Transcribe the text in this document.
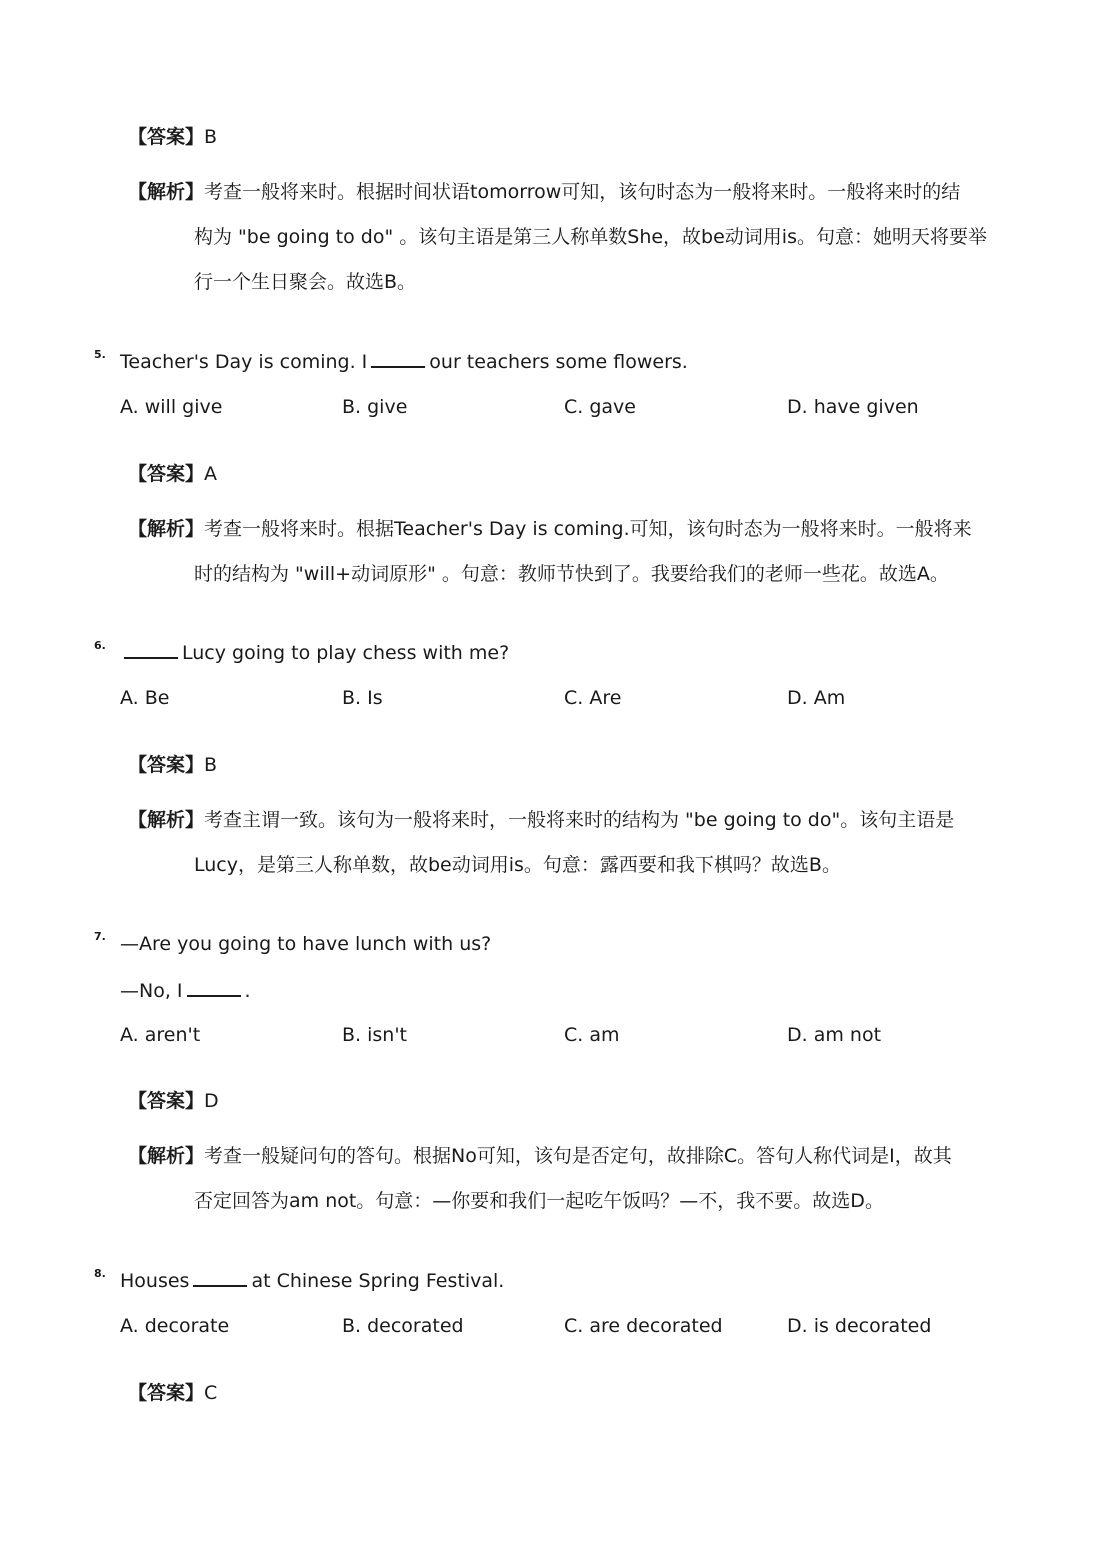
【答案】B
【解析】考查一般将来时。根据时间状语tomorrow可知，该句时态为一般将来时。一般将来时的结
构为 "be going to do" 。该句主语是第三人称单数She，故be动词用is。句意：她明天将要举
行一个生日聚会。故选B。
5. Teacher's Day is coming. I	our teachers some flowers.
A. will give	B. give	C. gave	D. have given
【答案】A
【解析】考查一般将来时。根据Teacher's Day is coming.可知，该句时态为一般将来时。一般将来
时的结构为 "will+动词原形" 。句意：教师节快到了。我要给我们的老师一些花。故选A。
6.	Lucy going to play chess with me?
A. Be	B. Is	C. Are	D. Am
【答案】B
【解析】考查主谓一致。该句为一般将来时，一般将来时的结构为 "be going to do"。该句主语是
Lucy，是第三人称单数，故be动词用is。句意：露西要和我下棋吗？故选B。
7. —Are you going to have lunch with us?
—No, I	.
A. aren't	B. isn't	C. am	D. am not
【答案】D
【解析】考查一般疑问句的答句。根据No可知，该句是否定句，故排除C。答句人称代词是I，故其
否定回答为am not。句意：—你要和我们一起吃午饭吗？—不，我不要。故选D。
8. Houses	at Chinese Spring Festival.
A. decorate	B. decorated	C. are decorated	D. is decorated
【答案】C
